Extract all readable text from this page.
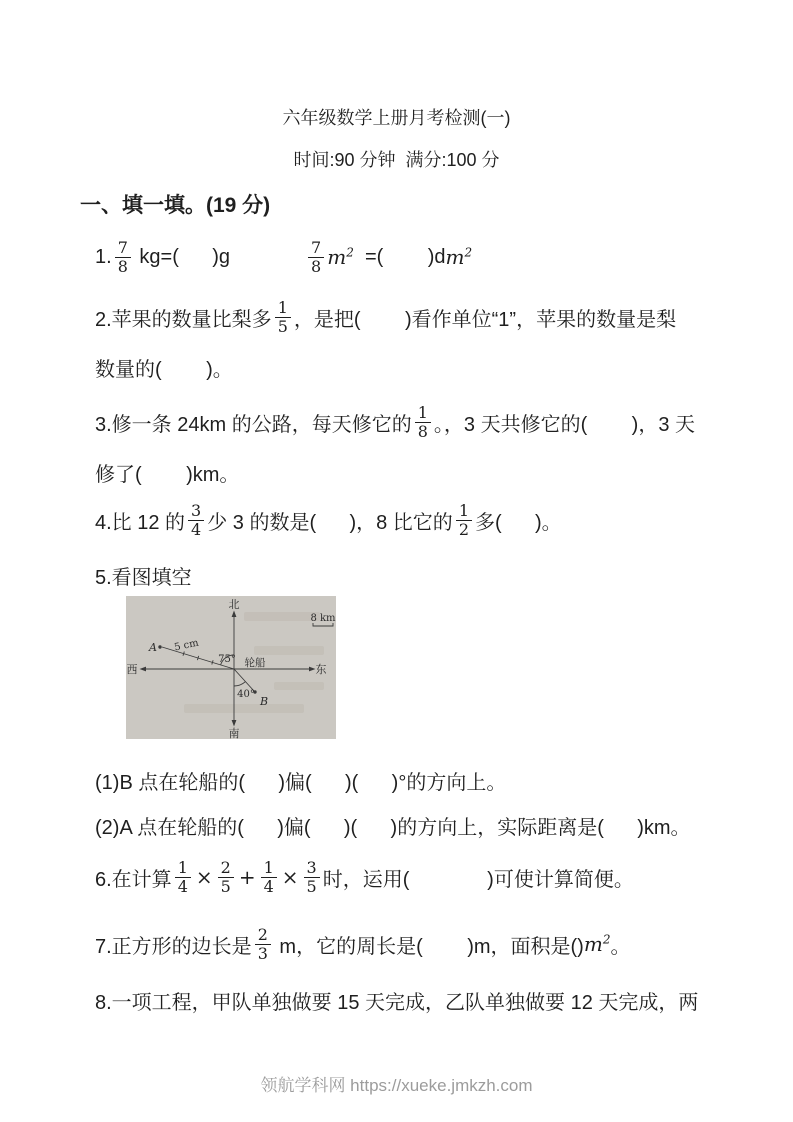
六年级数学上册月考检测(一)
时间:90 分钟  满分:100 分
一、填一填。(19 分)
1. $\frac{7}{8} kg=$(      )g	$\frac{7}{8} m^2$ =(        )d $m^2$
2.苹果的数量比梨多 $\frac{1}{5}$ ，是把(        )看作单位“1”，苹果的数量是梨
数量的(        )。
3.修一条 24km 的公路，每天修它的 $\frac{1}{8}$ 。，3 天共修它的(        )，3 天
修了(        )km。
4.比 12 的 $\frac{3}{4}$ 少 3 的数是(      )，8 比它的 $\frac{1}{2}$ 多(      )。
5.看图填空
北
南
西	东
8 km
A 5 cm
75° 轮船
40°
B
(1)B 点在轮船的(      )偏(      )(      )°的方向上。
(2)A 点在轮船的(      )偏(      )(      )的方向上，实际距离是(      )km。
6.在计算 $\frac{1}{4} \times \frac{2}{5} + \frac{1}{4} \times \frac{3}{5}$ 时，运用(              )可使计算简便。
7.正方形的边长是 $\frac{2}{3}$ m，它的周长是(        )m，面积是() $m^2$ 。
8.一项工程，甲队单独做要 15 天完成，乙队单独做要 12 天完成，两
领航学科网 https://xueke.jmkzh.com
